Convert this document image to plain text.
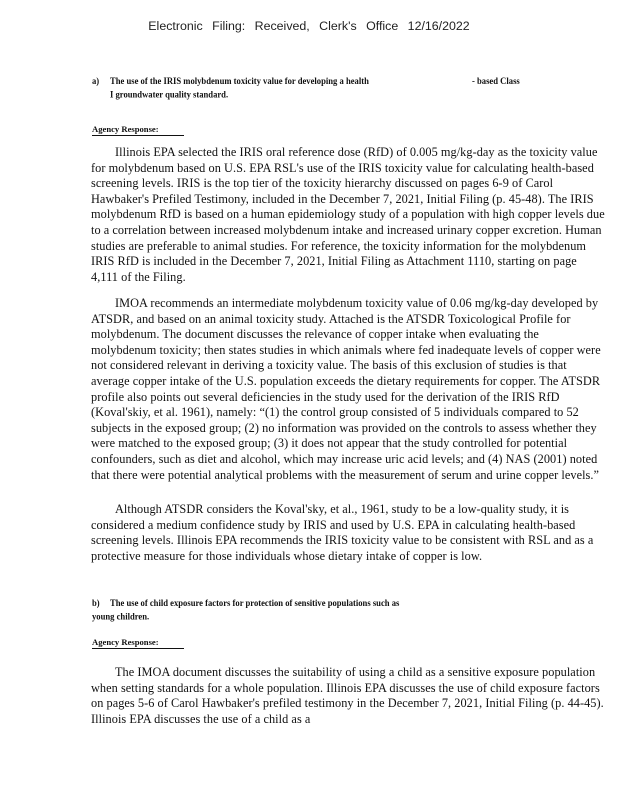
Electronic Filing: Received, Clerk's Office 12/16/2022
a) The use of the IRIS molybdenum toxicity value for developing a health	- based Class
I groundwater quality standard.
Agency Response:
Illinois EPA selected the IRIS oral reference dose (RfD) of 0.005 mg/kg-day as the toxicity value for molybdenum based on U.S. EPA RSL's use of the IRIS toxicity value for calculating health-based screening levels. IRIS is the top tier of the toxicity hierarchy discussed on pages 6-9 of Carol Hawbaker's Prefiled Testimony, included in the December 7, 2021, Initial Filing (p. 45-48). The IRIS molybdenum RfD is based on a human epidemiology study of a population with high copper levels due to a correlation between increased molybdenum intake and increased urinary copper excretion. Human studies are preferable to animal studies. For reference, the toxicity information for the molybdenum IRIS RfD is included in the December 7, 2021, Initial Filing as Attachment 1110, starting on page 4,111 of the Filing.
IMOA recommends an intermediate molybdenum toxicity value of 0.06 mg/kg-day developed by ATSDR, and based on an animal toxicity study. Attached is the ATSDR Toxicological Profile for molybdenum. The document discusses the relevance of copper intake when evaluating the molybdenum toxicity; then states studies in which animals where fed inadequate levels of copper were not considered relevant in deriving a toxicity value. The basis of this exclusion of studies is that average copper intake of the U.S. population exceeds the dietary requirements for copper. The ATSDR profile also points out several deficiencies in the study used for the derivation of the IRIS RfD (Koval'skiy, et al. 1961), namely: “(1) the control group consisted of 5 individuals compared to 52 subjects in the exposed group; (2) no information was provided on the controls to assess whether they were matched to the exposed group; (3) it does not appear that the study controlled for potential confounders, such as diet and alcohol, which may increase uric acid levels; and (4) NAS (2001) noted that there were potential analytical problems with the measurement of serum and urine copper levels.”
Although ATSDR considers the Koval'sky, et al., 1961, study to be a low-quality study, it is considered a medium confidence study by IRIS and used by U.S. EPA in calculating health-based screening levels. Illinois EPA recommends the IRIS toxicity value to be consistent with RSL and as a protective measure for those individuals whose dietary intake of copper is low.
b) The use of child exposure factors for protection of sensitive populations such as
young children.
Agency Response:
The IMOA document discusses the suitability of using a child as a sensitive exposure population when setting standards for a whole population. Illinois EPA discusses the use of child exposure factors on pages 5-6 of Carol Hawbaker's prefiled testimony in the December 7, 2021, Initial Filing (p. 44-45). Illinois EPA discusses the use of a child as a
